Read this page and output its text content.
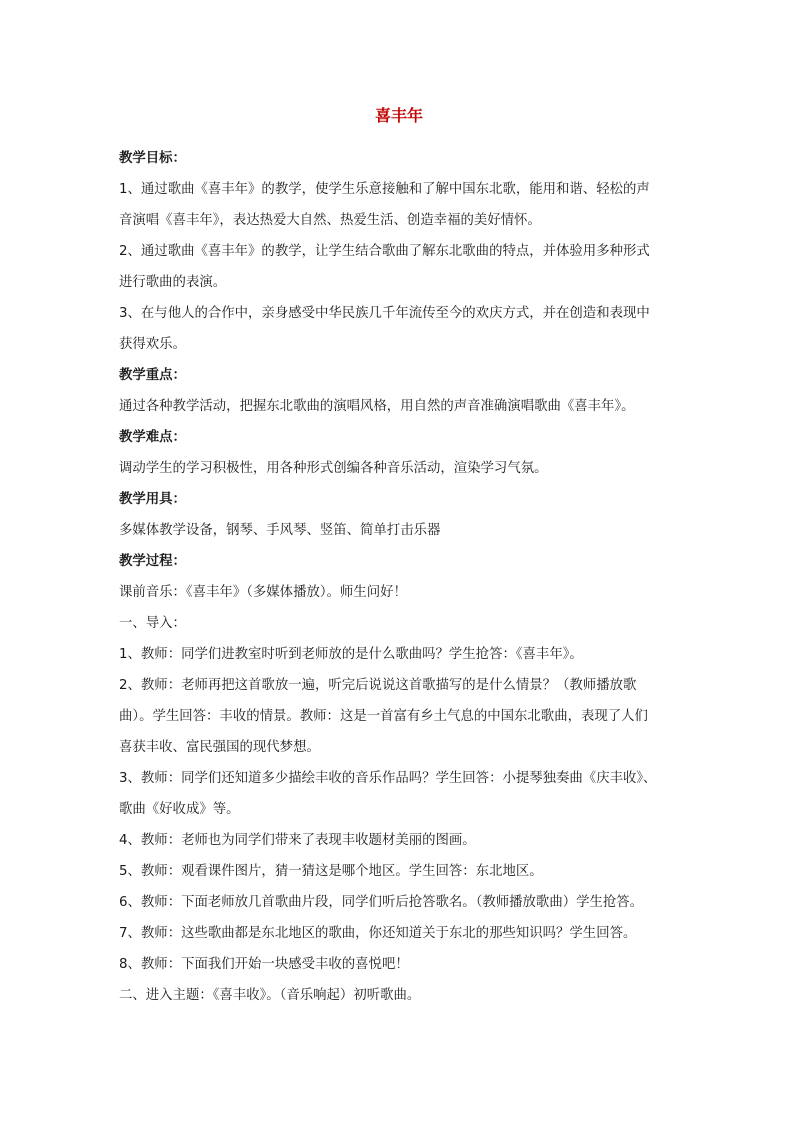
喜丰年

教学目标：

1、通过歌曲《喜丰年》的教学，使学生乐意接触和了解中国东北歌，能用和谐、轻松的声

音演唱《喜丰年》，表达热爱大自然、热爱生活、创造幸福的美好情怀。

2、通过歌曲《喜丰年》的教学，让学生结合歌曲了解东北歌曲的特点，并体验用多种形式

进行歌曲的表演。

3、在与他人的合作中，亲身感受中华民族几千年流传至今的欢庆方式，并在创造和表现中

获得欢乐。

教学重点：

通过各种教学活动，把握东北歌曲的演唱风格，用自然的声音准确演唱歌曲《喜丰年》。

教学难点：

调动学生的学习积极性，用各种形式创编各种音乐活动，渲染学习气氛。

教学用具：

多媒体教学设备，钢琴、手风琴、竖笛、简单打击乐器

教学过程：

课前音乐：《喜丰年》（多媒体播放）。师生问好！

一、导入：

1、教师：同学们进教室时听到老师放的是什么歌曲吗？学生抢答：《喜丰年》。

2、教师：老师再把这首歌放一遍，听完后说说这首歌描写的是什么情景？（教师播放歌

曲）。学生回答：丰收的情景。教师：这是一首富有乡土气息的中国东北歌曲，表现了人们

喜获丰收、富民强国的现代梦想。

3、教师：同学们还知道多少描绘丰收的音乐作品吗？学生回答：小提琴独奏曲《庆丰收》、

歌曲《好收成》等。

4、教师：老师也为同学们带来了表现丰收题材美丽的图画。

5、教师：观看课件图片，猜一猜这是哪个地区。学生回答：东北地区。

6、教师：下面老师放几首歌曲片段，同学们听后抢答歌名。（教师播放歌曲）学生抢答。

7、教师：这些歌曲都是东北地区的歌曲，你还知道关于东北的那些知识吗？学生回答。

8、教师：下面我们开始一块感受丰收的喜悦吧！

二、进入主题：《喜丰收》。（音乐响起）初听歌曲。
